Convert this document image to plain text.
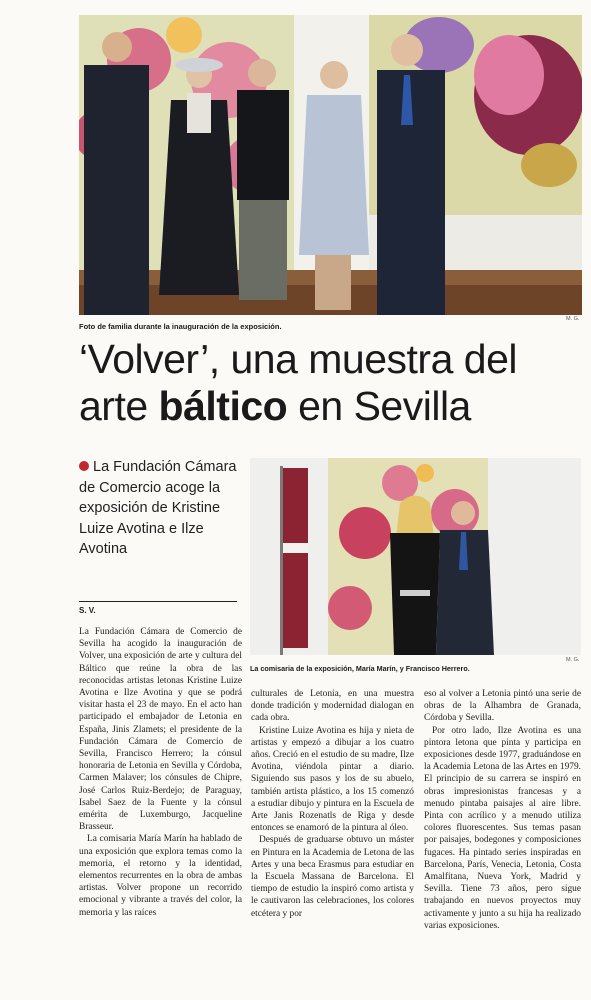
Foto de familia durante la inauguración de la exposición.
M. G.
‘Volver’, una muestra del
arte báltico en Sevilla
La Fundación Cámara de Comercio acoge la exposición de Kristine Luize Avotina e Ilze Avotina
S. V.
La comisaria de la exposición, María Marín, y Francisco Herrero.
M. G.

La Fundación Cámara de Comercio de Sevilla ha acogido la inauguración de Volver, una exposición de arte y cultura del Báltico que reúne la obra de las reconocidas artistas letonas Kristine Luize Avotina e Ilze Avotina y que se podrá visitar hasta el 23 de mayo. En el acto han participado el embajador de Letonia en España, Jinis Zlamets; el presidente de la Fundación Cámara de Comercio de Sevilla, Francisco Herrero; la cónsul honoraria de Letonia en Sevilla y Córdoba, Carmen Malaver; los cónsules de Chipre, José Carlos Ruiz-Berdejo; de Paraguay, Isabel Saez de la Fuente y la cónsul emérita de Luxemburgo, Jacqueline Brasseur.

La comisaria María Marín ha hablado de una exposición que explora temas como la memoria, el retorno y la identidad, elementos recurrentes en la obra de ambas artistas. Volver propone un recorrido emocional y vibrante a través del color, la memoria y las raíces

culturales de Letonia, en una muestra donde tradición y modernidad dialogan en cada obra.

Kristine Luize Avotina es hija y nieta de artistas y empezó a dibujar a los cuatro años. Creció en el estudio de su madre, Ilze Avotina, viéndola pintar a diario. Siguiendo sus pasos y los de su abuelo, también artista plástico, a los 15 comenzó a estudiar dibujo y pintura en la Escuela de Arte Janis Rozenatls de Riga y desde entonces se enamoró de la pintura al óleo.

Después de graduarse obtuvo un máster en Pintura en la Academia de Letona de las Artes y una beca Erasmus para estudiar en la Escuela Massana de Barcelona. El tiempo de estudio la inspiró como artista y le cautivaron las celebraciones, los colores etcétera y por

eso al volver a Letonia pintó una serie de obras de la Alhambra de Granada, Córdoba y Sevilla.

Por otro lado, Ilze Avotina es una pintora letona que pinta y participa en exposiciones desde 1977, graduándose en la Academia Letona de las Artes en 1979. El principio de su carrera se inspiró en obras impresionistas francesas y a menudo pintaba paisajes al aire libre. Pinta con acrílico y a menudo utiliza colores fluorescentes. Sus temas pasan por paisajes, bodegones y composiciones fugaces. Ha pintado series inspiradas en Barcelona, París, Venecia, Letonia, Costa Amalfitana, Nueva York, Madrid y Sevilla. Tiene 73 años, pero sigue trabajando en nuevos proyectos muy activamente y junto a su hija ha realizado varias exposiciones.
